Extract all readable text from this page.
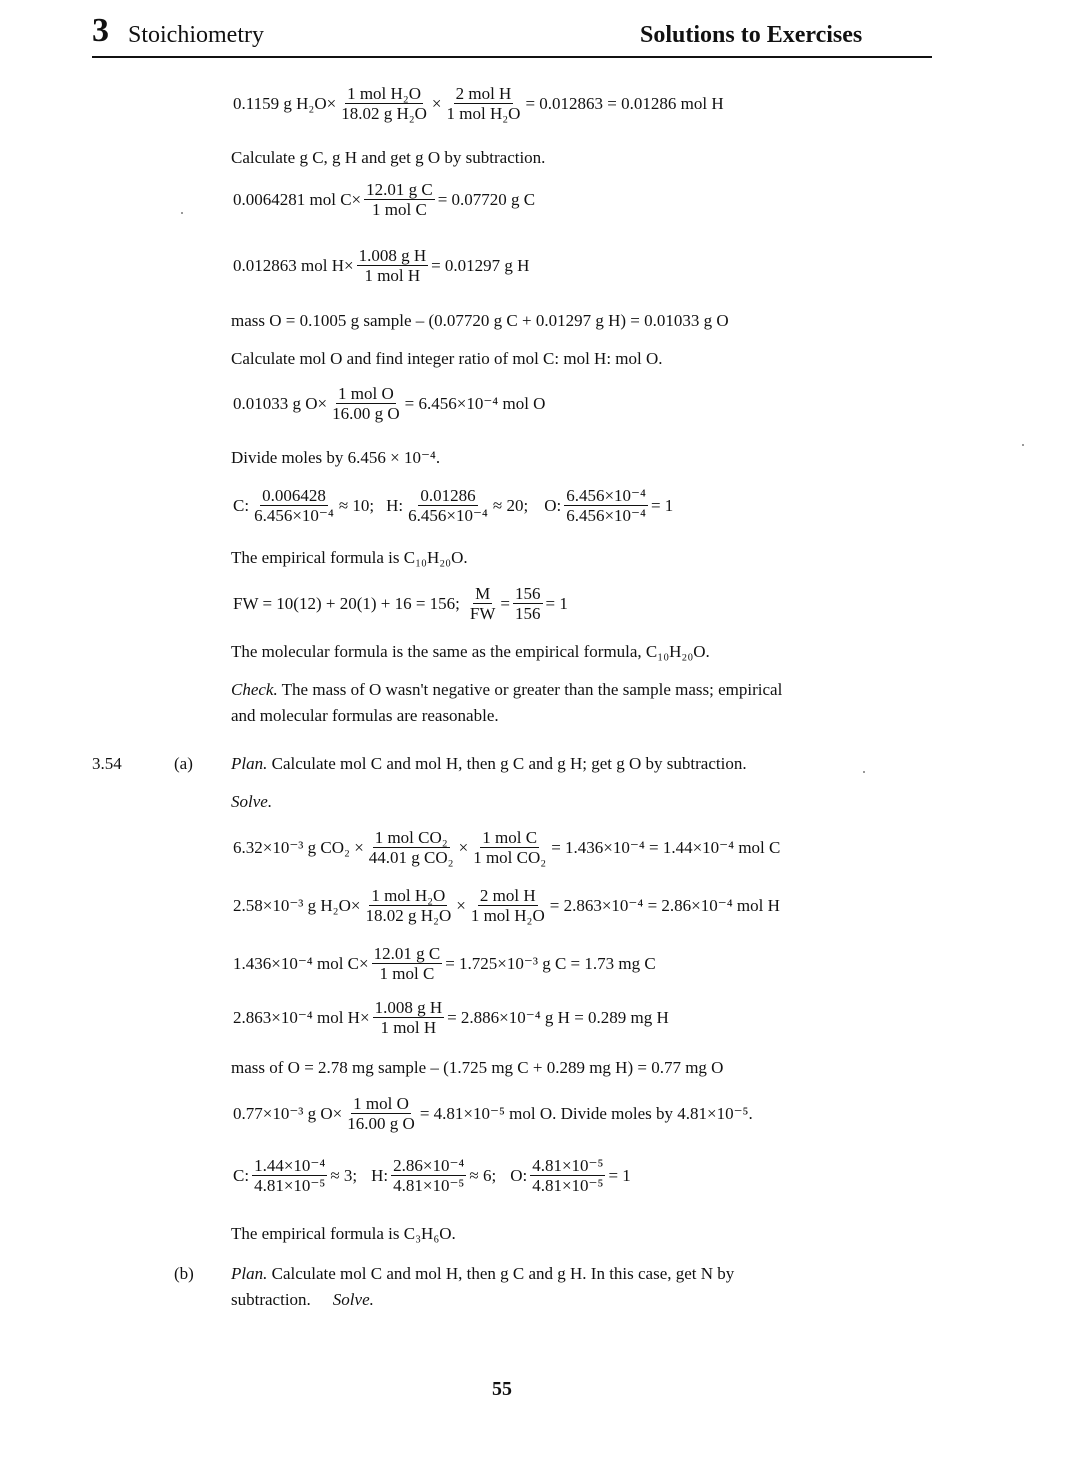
3 Stoichiometry	Solutions to Exercises
0.1159 g $H_2O\times \frac{\text{1 mol H₂O}}{\text{18.02 g H₂O}} \times \frac{\text{2 mol H}}{\text{1 mol H₂O}} = 0.012863 = 0.01286$ mol H
Calculate g C, g H and get g O by subtraction.
0.0064281 mol $C\times \frac{\text{12.01 g C}}{\text{1 mol C}} = 0.07720$ g C
0.012863 mol $H\times \frac{\text{1.008 g H}}{\text{1 mol H}} = 0.01297$ g H
mass O = 0.1005 g sample – (0.07720 g C + 0.01297 g H) = 0.01033 g O
Calculate mol O and find integer ratio of mol C: mol H: mol O.
0.01033 g $O\times \frac{\text{1 mol O}}{\text{16.00 g O}} = 6.456\times 10^{-4}$ mol O
Divide moles by 6.456 × 10⁻⁴.
C: $\frac{0.006428}{\text{6.456×10⁻⁴}} \approx 10$; H: $\frac{0.01286}{\text{6.456×10⁻⁴}} \approx 20$; O: $\frac{\text{6.456×10⁻⁴}}{\text{6.456×10⁻⁴}} = 1$
The empirical formula is C₁₀H₂₀O.
FW = 10(12) + 20(1) + 16 = 156; $\frac{M}{FW} = \frac{156}{156} = 1$
The molecular formula is the same as the empirical formula, C₁₀H₂₀O.
Check. The mass of O wasn't negative or greater than the sample mass; empirical
and molecular formulas are reasonable.
3.54	(a) Plan. Calculate mol C and mol H, then g C and g H; get g O by subtraction.
Solve.
6.32×10⁻³ g $CO_2 \times \frac{\text{1 mol CO₂}}{\text{44.01 g CO₂}} \times \frac{\text{1 mol C}}{\text{1 mol CO₂}} = 1.436\times 10^{-4} = 1.44\times 10^{-4}$ mol C
2.58×10⁻³ g $H_2O\times \frac{\text{1 mol H₂O}}{\text{18.02 g H₂O}} \times \frac{\text{2 mol H}}{\text{1 mol H₂O}} = 2.863\times 10^{-4} = 2.86\times 10^{-4}$ mol H
1.436×10⁻⁴ mol $C\times \frac{\text{12.01 g C}}{\text{1 mol C}} = 1.725\times 10^{-3}$ g C = 1.73 mg C
2.863×10⁻⁴ mol $H\times \frac{\text{1.008 g H}}{\text{1 mol H}} = 2.886\times 10^{-4}$ g H = 0.289 mg H
mass of O = 2.78 mg sample – (1.725 mg C + 0.289 mg H) = 0.77 mg O
0.77×10⁻³ g $O\times \frac{\text{1 mol O}}{\text{16.00 g O}} = 4.81\times 10^{-5}$ mol O. Divide moles by 4.81×10⁻⁵.
C: $\frac{\text{1.44×10⁻⁴}}{\text{4.81×10⁻⁵}} \approx 3$; H: $\frac{\text{2.86×10⁻⁴}}{\text{4.81×10⁻⁵}} \approx 6$; O: $\frac{\text{4.81×10⁻⁵}}{\text{4.81×10⁻⁵}} = 1$
The empirical formula is C₃H₆O.
(b) Plan. Calculate mol C and mol H, then g C and g H. In this case, get N by
subtraction. Solve.
55
